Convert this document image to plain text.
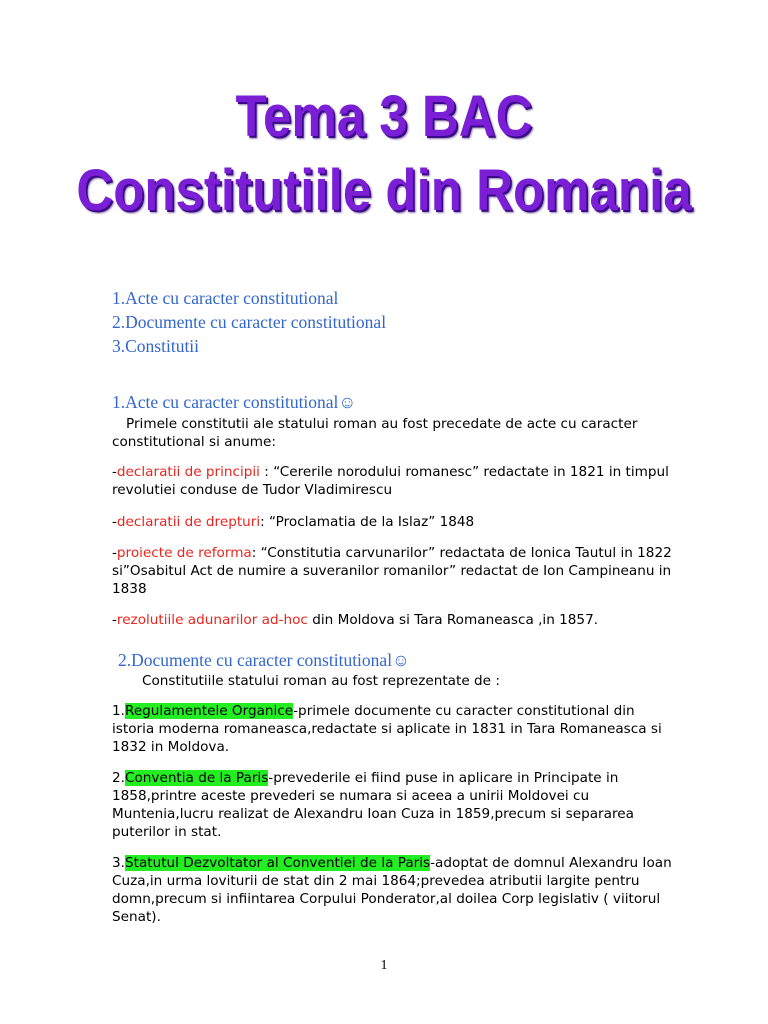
Tema 3 BAC
Constitutiile din Romania
1.Acte cu caracter constitutional
2.Documente cu caracter constitutional
3.Constitutii
1.Acte cu caracter constitutional☺
Primele constitutii ale statului roman au fost precedate de acte cu caracter constitutional si anume:
-declaratii de principii : “Cererile norodului romanesc” redactate in 1821 in timpul revolutiei conduse de Tudor Vladimirescu
-declaratii de drepturi: “Proclamatia de la Islaz” 1848
-proiecte de reforma: “Constitutia carvunarilor” redactata de Ionica Tautul in 1822 si”Osabitul Act de numire a suveranilor romanilor” redactat de Ion Campineanu in 1838
-rezolutiile adunarilor ad-hoc din Moldova si Tara Romaneasca ,in 1857.
2.Documente cu caracter constitutional☺
Constitutiile statului roman au fost reprezentate de :
1.Regulamentele Organice-primele documente cu caracter constitutional din istoria moderna romaneasca,redactate si aplicate in 1831 in Tara Romaneasca si 1832 in Moldova.
2.Conventia de la Paris-prevederile ei fiind puse in aplicare in Principate in 1858,printre aceste prevederi se numara si aceea a unirii Moldovei cu Muntenia,lucru realizat de Alexandru Ioan Cuza in 1859,precum si separarea puterilor in stat.
3.Statutul Dezvoltator al Conventiei de la Paris-adoptat de domnul Alexandru Ioan Cuza,in urma loviturii de stat din 2 mai 1864;prevedea atributii largite pentru domn,precum si infiintarea Corpului Ponderator,al doilea Corp legislativ ( viitorul Senat).
1
